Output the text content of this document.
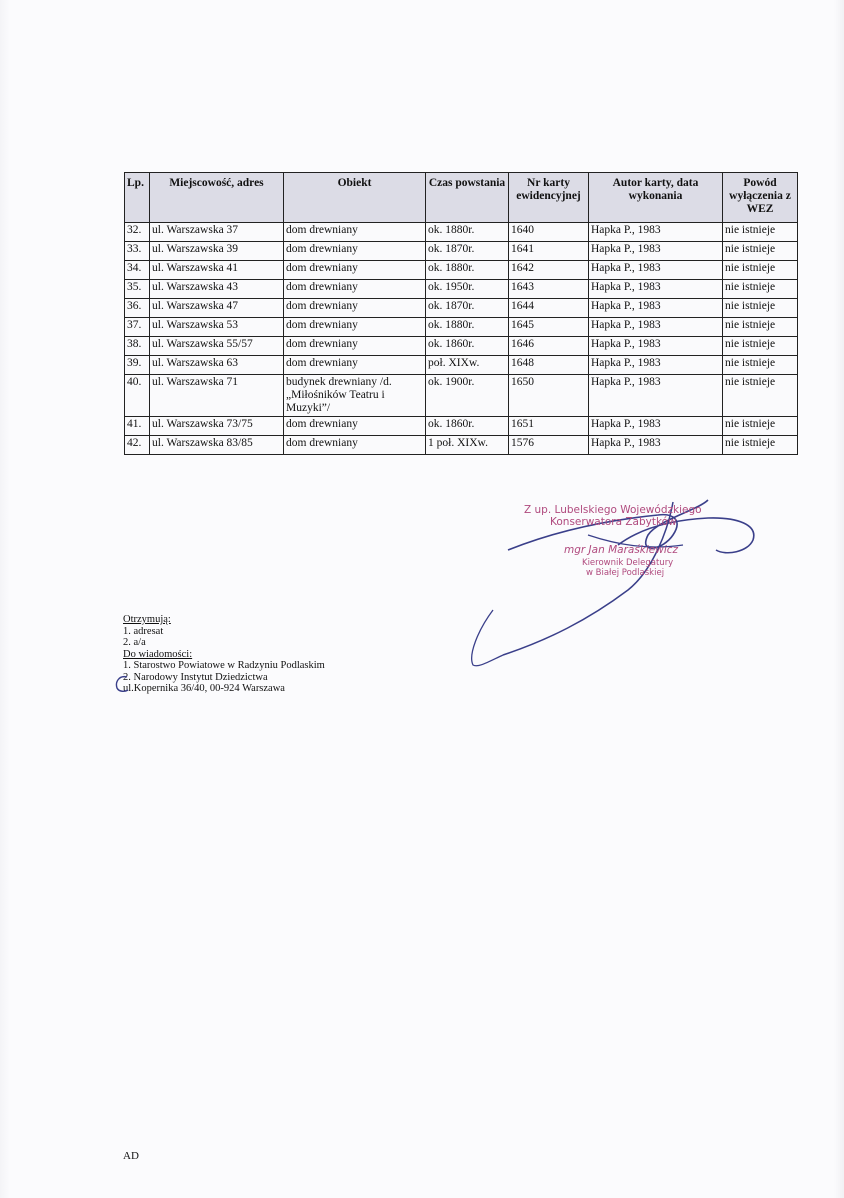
Lp.	Miejscowość, adres	Obiekt	Czas powstania	Nr karty ewidencyjnej	Autor karty, data wykonania	Powód wyłączenia z WEZ
32.	ul. Warszawska 37	dom drewniany	ok. 1880r.	1640	Hapka P., 1983	nie istnieje
33.	ul. Warszawska 39	dom drewniany	ok. 1870r.	1641	Hapka P., 1983	nie istnieje
34.	ul. Warszawska 41	dom drewniany	ok. 1880r.	1642	Hapka P., 1983	nie istnieje
35.	ul. Warszawska 43	dom drewniany	ok. 1950r.	1643	Hapka P., 1983	nie istnieje
36.	ul. Warszawska 47	dom drewniany	ok. 1870r.	1644	Hapka P., 1983	nie istnieje
37.	ul. Warszawska 53	dom drewniany	ok. 1880r.	1645	Hapka P., 1983	nie istnieje
38.	ul. Warszawska 55/57	dom drewniany	ok. 1860r.	1646	Hapka P., 1983	nie istnieje
39.	ul. Warszawska 63	dom drewniany	poł. XIXw.	1648	Hapka P., 1983	nie istnieje
40.	ul. Warszawska 71	budynek drewniany /d. „Miłośników Teatru i Muzyki”/	ok. 1900r.	1650	Hapka P., 1983	nie istnieje
41.	ul. Warszawska 73/75	dom drewniany	ok. 1860r.	1651	Hapka P., 1983	nie istnieje
42.	ul. Warszawska 83/85	dom drewniany	1 poł. XIXw.	1576	Hapka P., 1983	nie istnieje
Z up. Lubelskiego Wojewódzkiego
Konserwatora Zabytków
mgr Jan Maraśkiewicz
Kierownik Delegatury
w Białej Podlaskiej
Otrzymują:
1. adresat
2. a/a
Do wiadomości:
1. Starostwo Powiatowe w Radzyniu Podlaskim
2. Narodowy Instytut Dziedzictwa
ul.Kopernika 36/40, 00-924 Warszawa
AD
